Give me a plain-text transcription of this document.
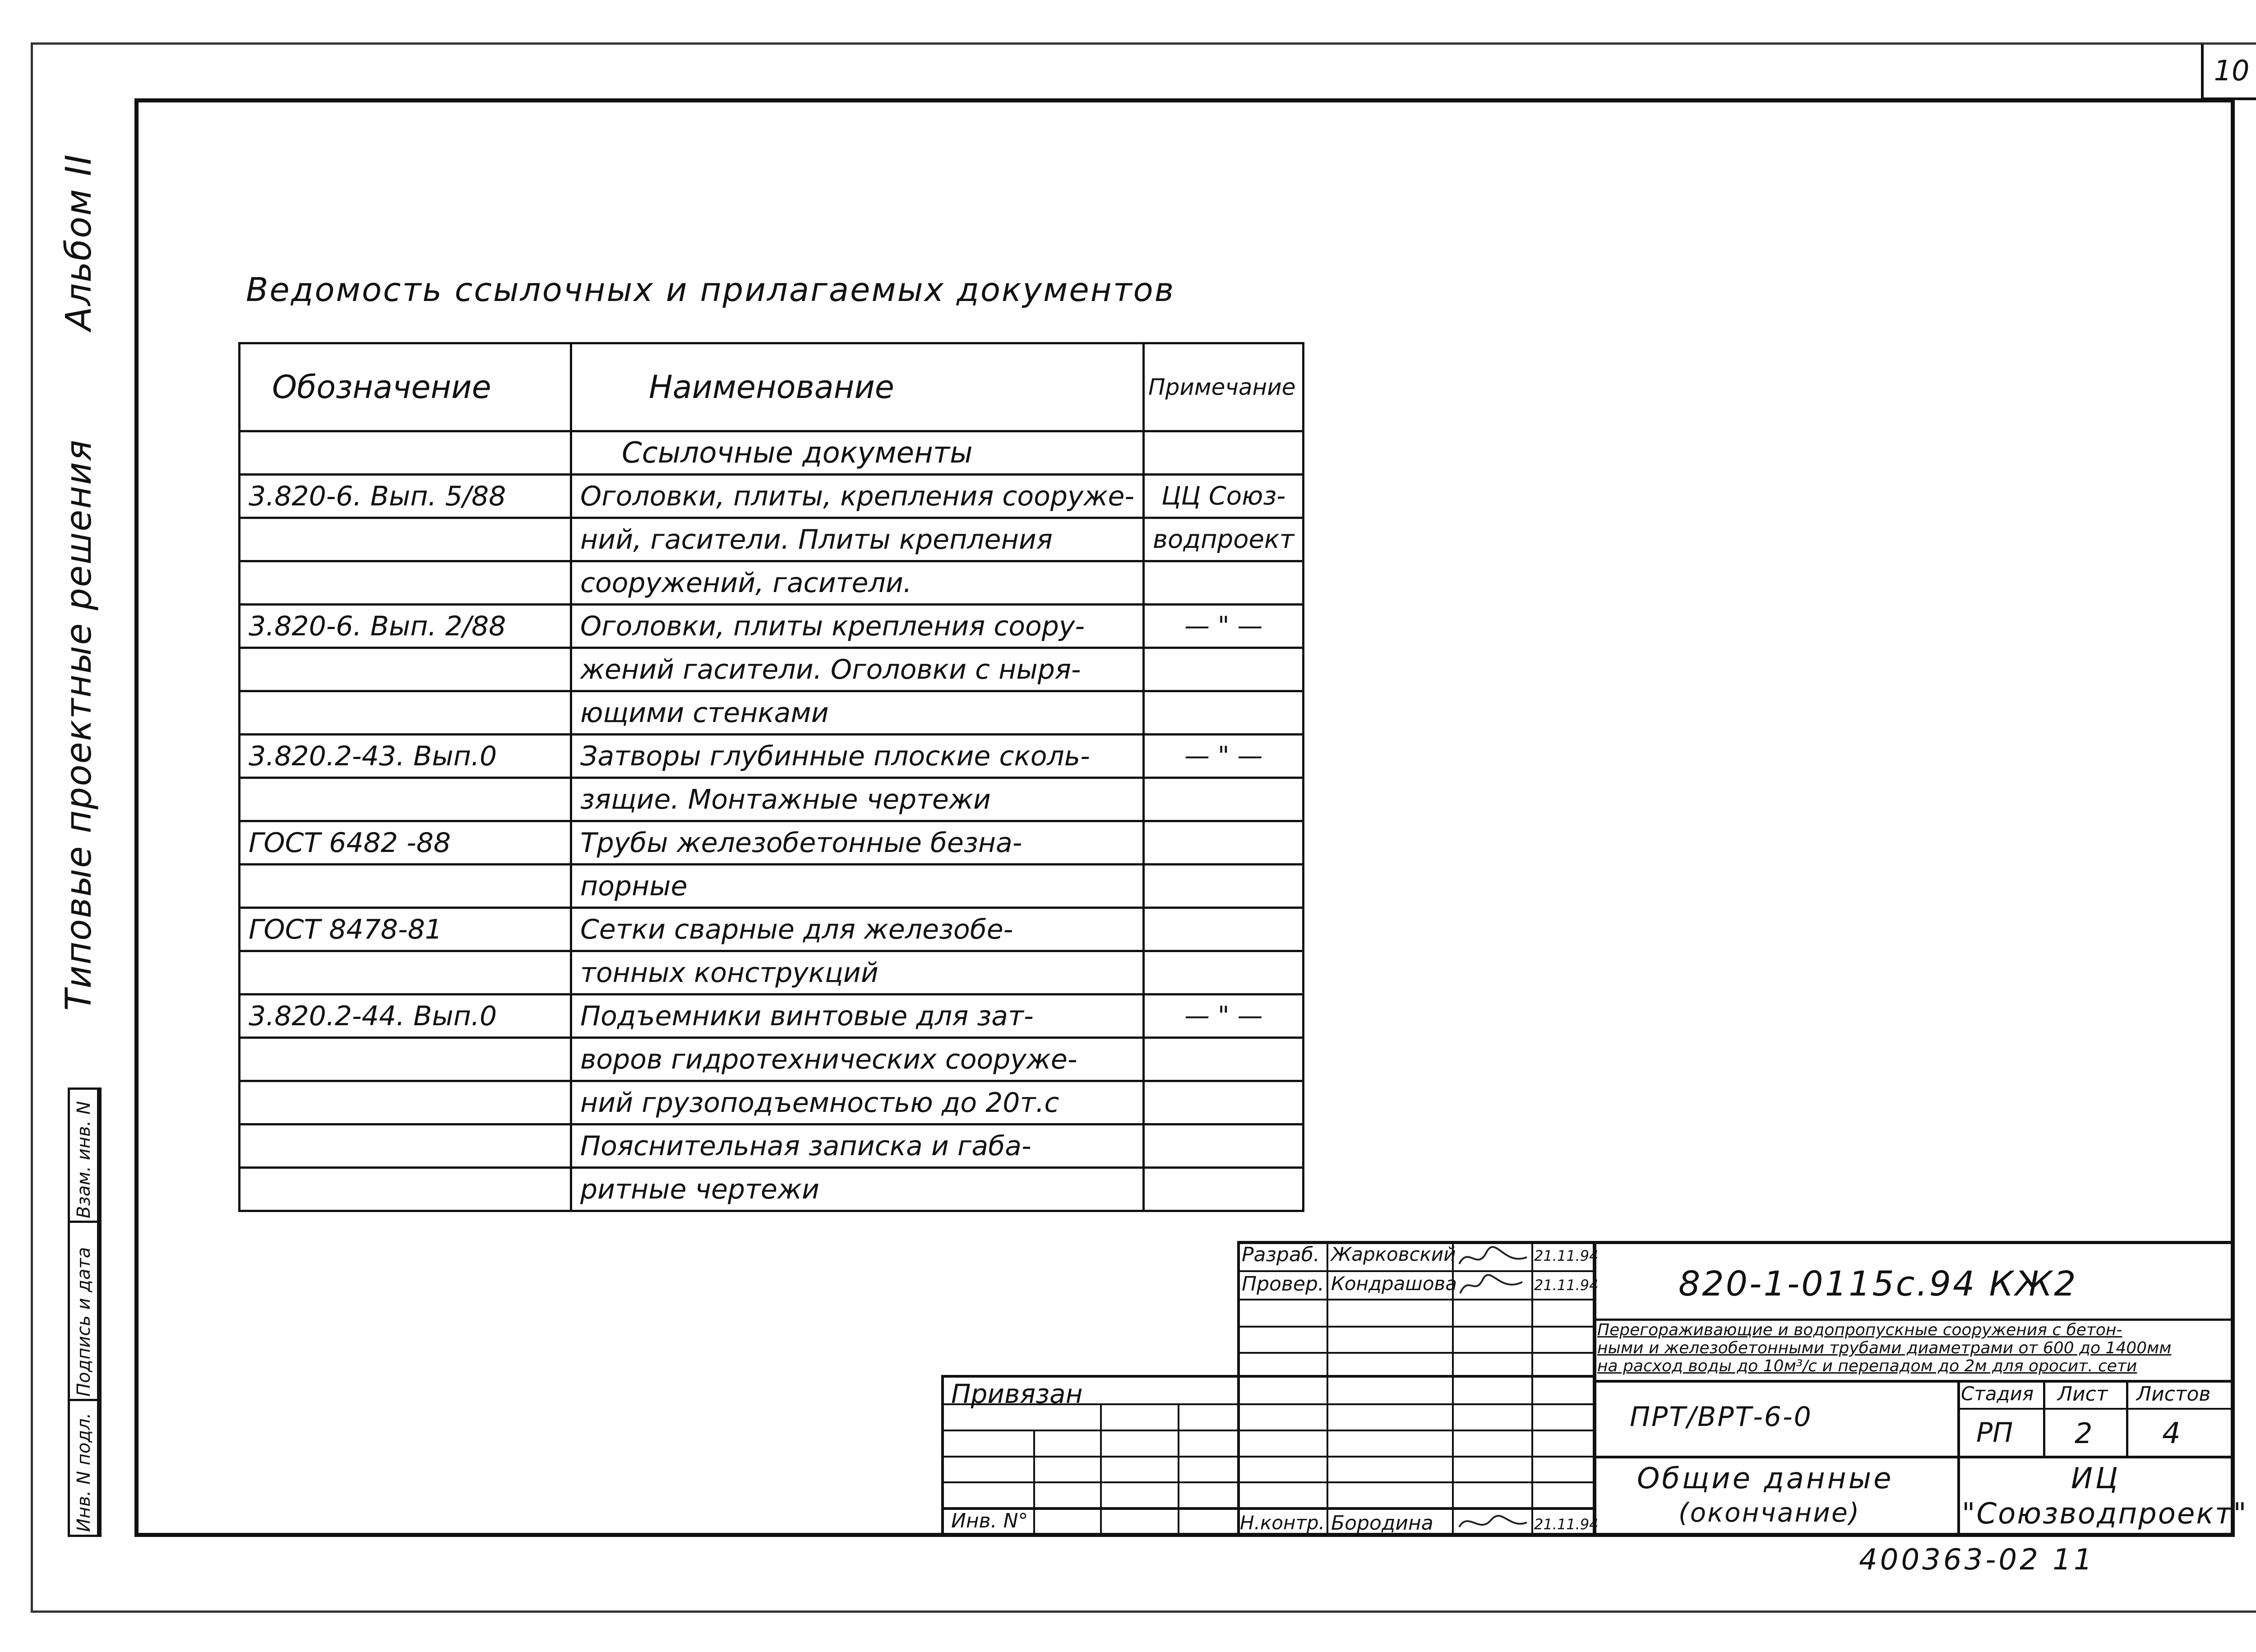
10
Типовые проектные решенияАльбом II
Взам. инв. N
Подпись и дата
Инв. N подл.
Ведомость ссылочных и прилагаемых документов
Обозначение	Наименование	Примечание
	Ссылочные документы	
3.820-6. Вып. 5/88	Оголовки, плиты, крепления сооруже-	ЦЦ Союз-
	ний, гасители. Плиты крепления	водпроект
	сооружений, гасители.	
3.820-6. Вып. 2/88	Оголовки, плиты крепления соору-	— " —
	жений гасители. Оголовки с ныря-	
	ющими стенками	
3.820.2-43. Вып.0	Затворы глубинные плоские сколь-	— " —
	зящие. Монтажные чертежи	
ГОСТ 6482 -88	Трубы железобетонные безна-	
	порные	
ГОСТ 8478-81	Сетки сварные для железобе-	
	тонных конструкций	
3.820.2-44. Вып.0	Подъемники винтовые для зат-	— " —
	воров гидротехнических сооруже-	
	ний грузоподъемностью до 20т.с	
	Пояснительная записка и габа-	
	ритные чертежи	
Разраб. Жарковский	21.11.94
Провер. Кондрашова	21.11.94
Н.контр. Бородина	21.11.94
Привязан
Инв. N°
820-1-0115с.94 КЖ2
Перегораживающие и водопропускные сооружения с бетон-
ными и железобетонными трубами диаметрами от 600 до 1400мм
на расход воды до 10м³/с и перепадом до 2м для оросит. сети
ПРТ/ВРТ-6-0
Стадия Лист Листов
РП 2 4
Общие данные
(окончание)
ИЦ
"Союзводпроект"
400363-02 11
